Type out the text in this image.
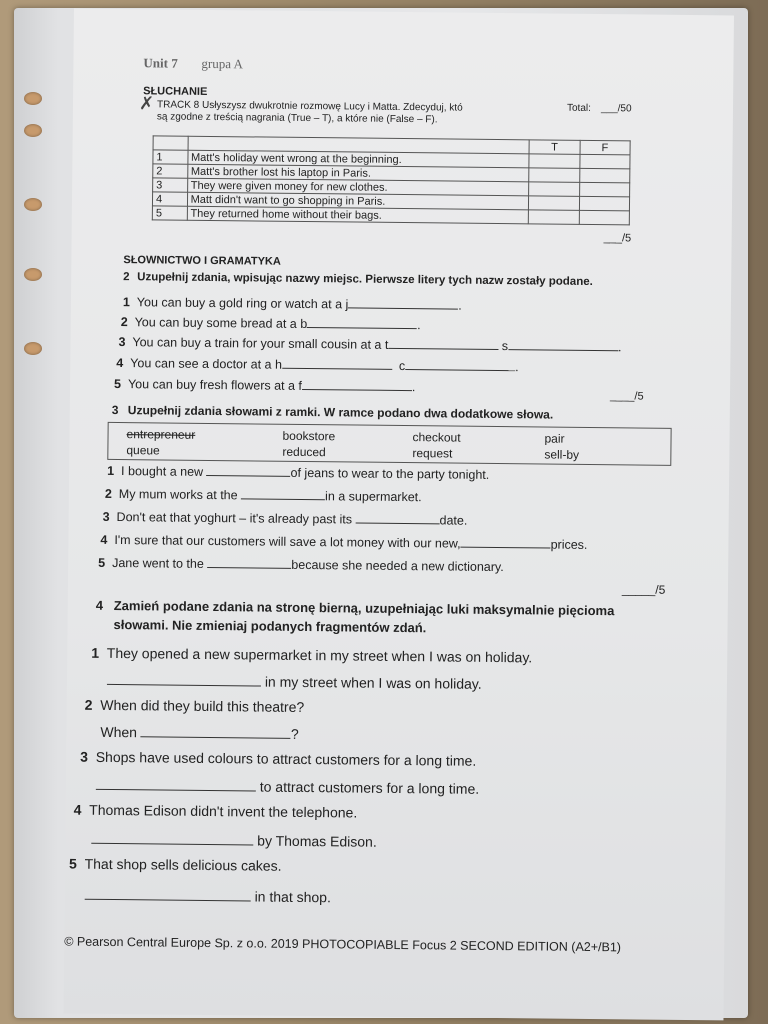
Unit 7 grupa A
SŁUCHANIE
✗ TRACK 8 Usłyszysz dwukrotnie rozmowę Lucy i Matta. Zdecyduj, któ
są zgodne z treścią nagrania (True – T), a które nie (False – F).
Total: ___/50
		T	F
1	Matt's holiday went wrong at the beginning.		
2	Matt's brother lost his laptop in Paris.		
3	They were given money for new clothes.		
4	Matt didn't want to go shopping in Paris.		
5	They returned home without their bags.		
___/5
SŁOWNICTWO I GRAMATYKA
2 Uzupełnij zdania, wpisując nazwy miejsc. Pierwsze litery tych nazw zostały podane.
1 You can buy a gold ring or watch at a j	.
2 You can buy some bread at a b	.
3 You can buy a train for your small cousin at a t	s	.
4 You can see a doctor at a h	c	.
5 You can buy fresh flowers at a f	.
____/5
3 Uzupełnij zdania słowami z ramki. W ramce podano dwa dodatkowe słowa.
entrepreneur	bookstore	checkout	pair
queue	reduced	request	sell-by
1 I bought a new	of jeans to wear to the party tonight.
2 My mum works at the	in a supermarket.
3 Don't eat that yoghurt – it's already past its	date.
4 I'm sure that our customers will save a lot money with our new,	prices.
5 Jane went to the	because she needed a new dictionary.
_____/5
4 Zamień podane zdania na stronę bierną, uzupełniając luki maksymalnie pięcioma
słowami. Nie zmieniaj podanych fragmentów zdań.
1 They opened a new supermarket in my street when I was on holiday.
in my street when I was on holiday.
2 When did they build this theatre?
When	?
3 Shops have used colours to attract customers for a long time.
to attract customers for a long time.
4 Thomas Edison didn't invent the telephone.
by Thomas Edison.
5 That shop sells delicious cakes.
in that shop.
© Pearson Central Europe Sp. z o.o. 2019 PHOTOCOPIABLE Focus 2 SECOND EDITION (A2+/B1)
